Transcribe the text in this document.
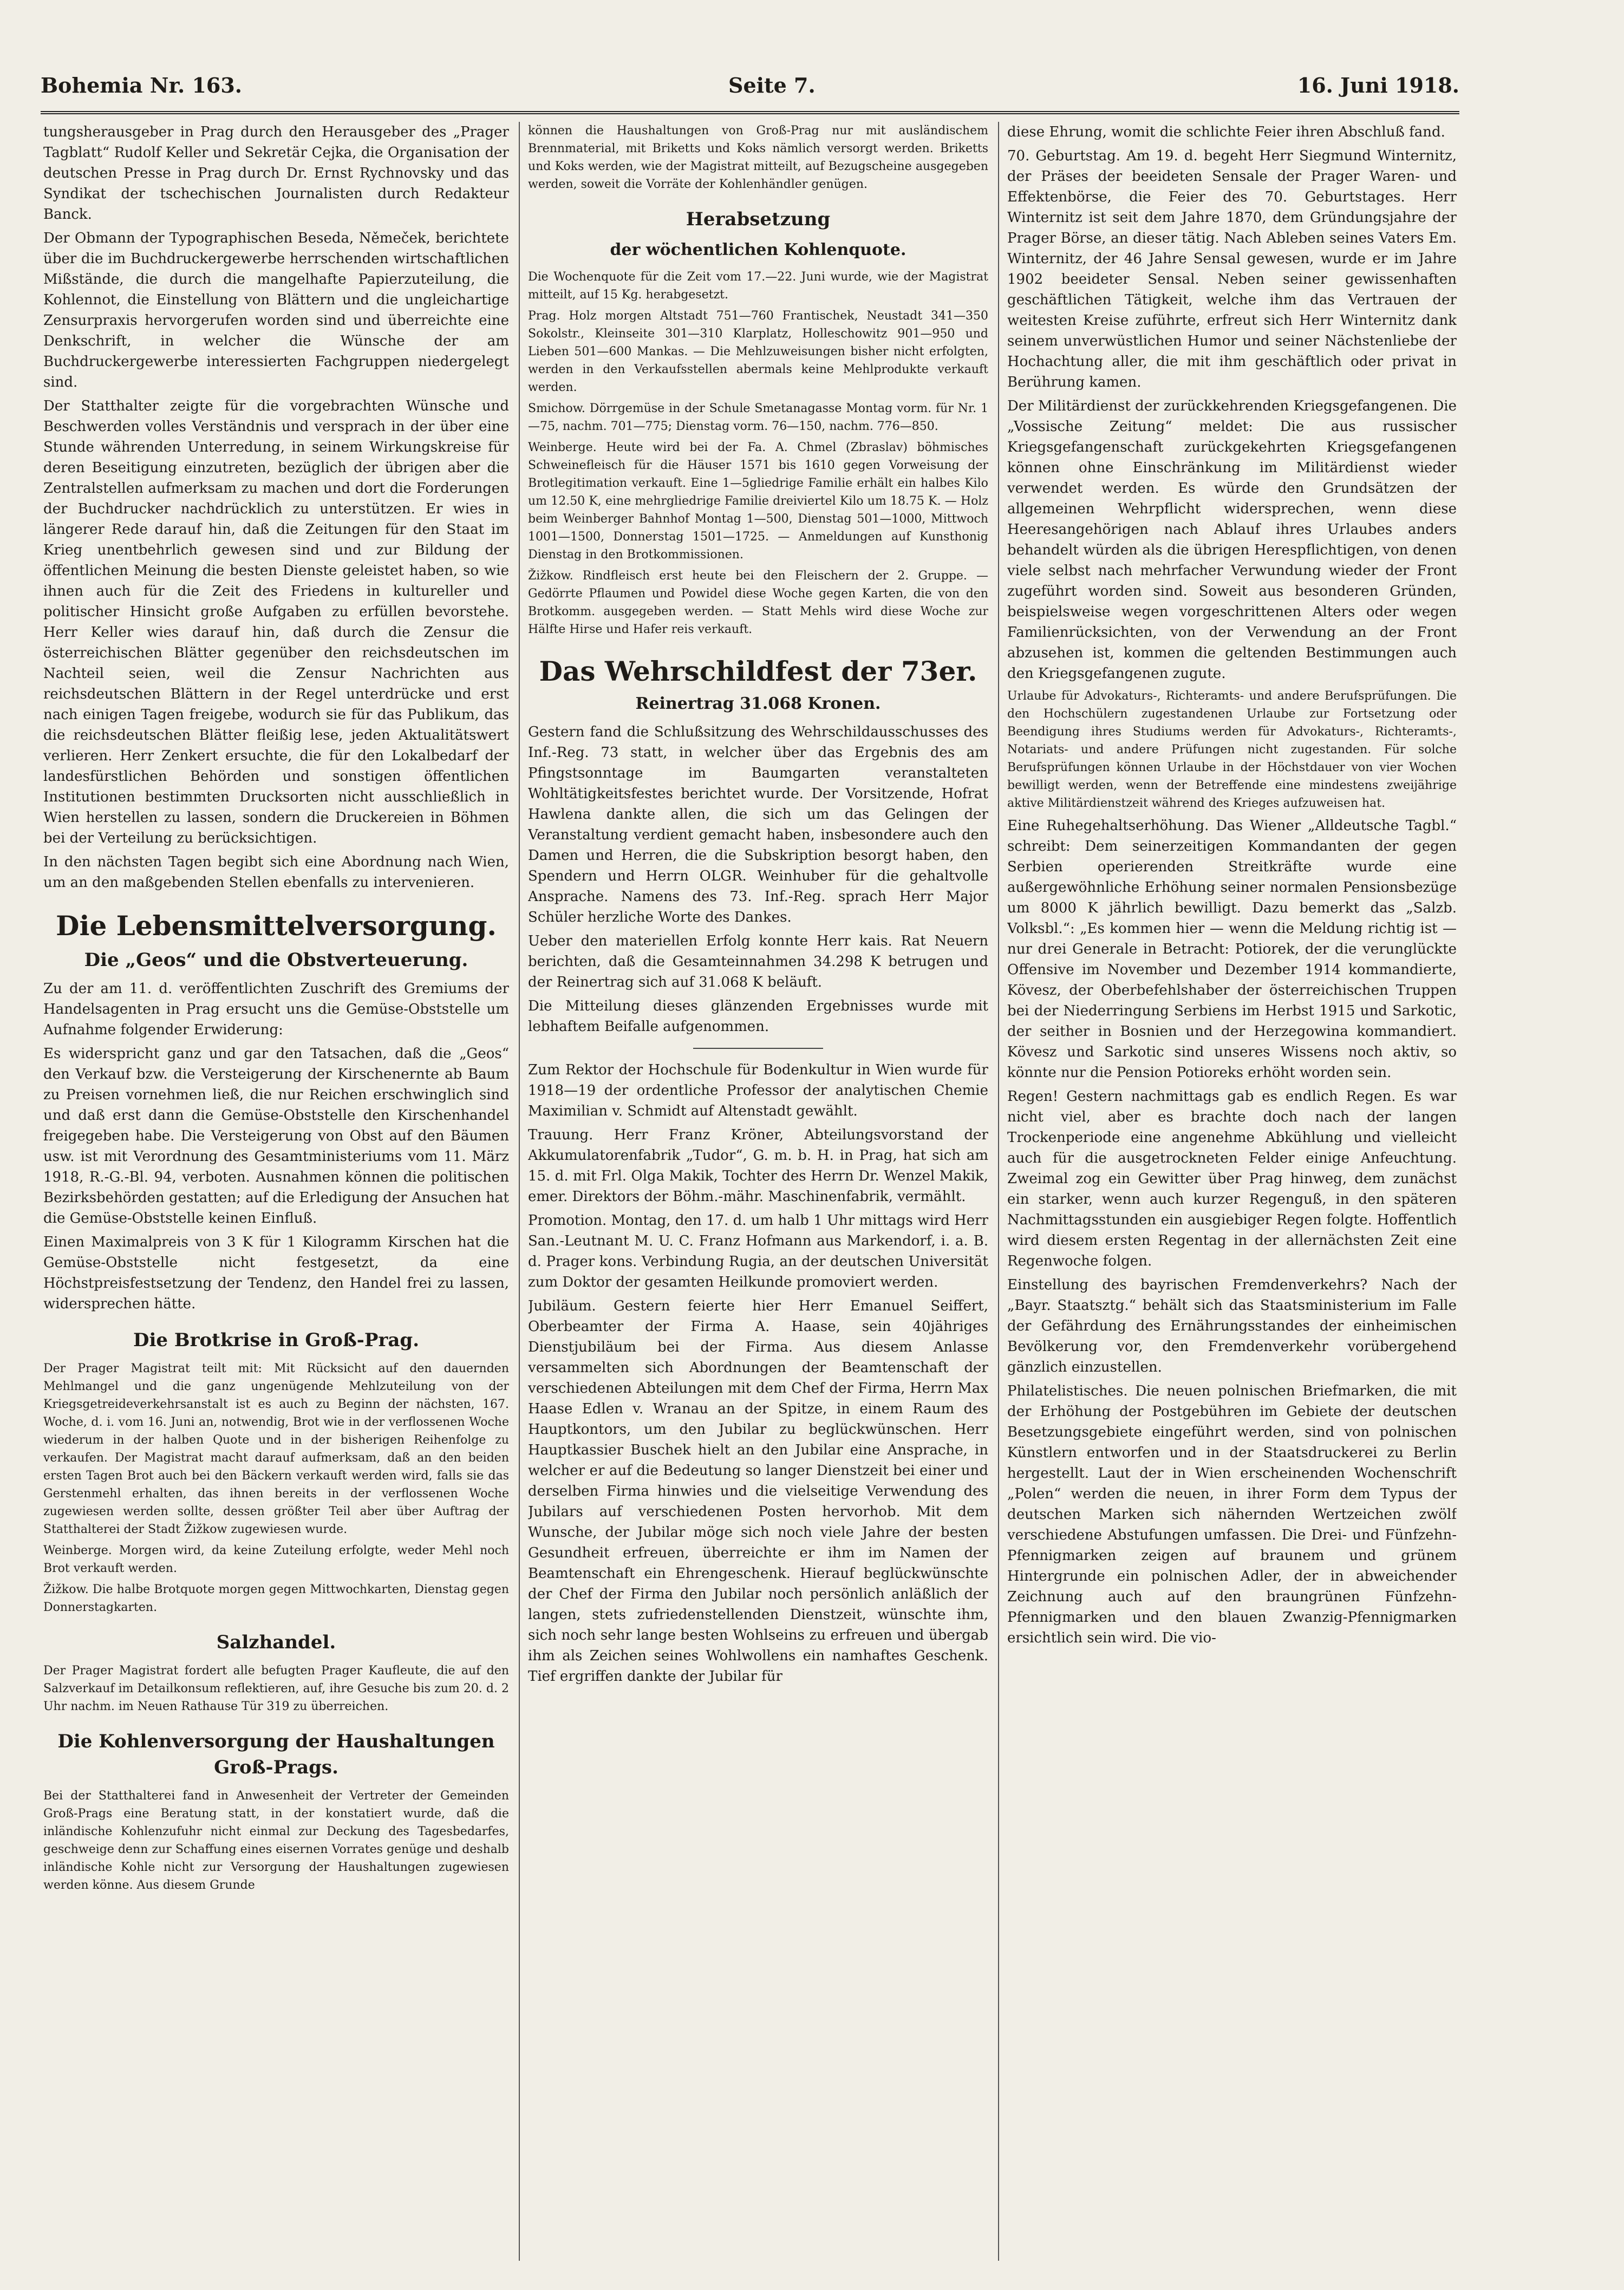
Bohemia Nr. 163.	Seite 7.	16. Juni 1918.

tungsherausgeber in Prag durch den Herausgeber des „Prager Tagblatt“ Rudolf Keller und Sekretär Cejka, die Organisation der deutschen Presse in Prag durch Dr. Ernst Rychnovsky und das Syndikat der tschechischen Journalisten durch Redakteur Banck.

Der Obmann der Typographischen Beseda, Němeček, berichtete über die im Buchdruckergewerbe herrschenden wirtschaftlichen Mißstände, die durch die mangelhafte Papierzuteilung, die Kohlennot, die Einstellung von Blättern und die ungleichartige Zensurpraxis hervorgerufen worden sind und überreichte eine Denkschrift, in welcher die Wünsche der am Buchdruckergewerbe interessierten Fachgruppen niedergelegt sind.

Der Statthalter zeigte für die vorgebrachten Wünsche und Beschwerden volles Verständnis und versprach in der über eine Stunde währenden Unterredung, in seinem Wirkungskreise für deren Beseitigung einzutreten, bezüglich der übrigen aber die Zentralstellen aufmerksam zu machen und dort die Forderungen der Buchdrucker nachdrücklich zu unterstützen. Er wies in längerer Rede darauf hin, daß die Zeitungen für den Staat im Krieg unentbehrlich gewesen sind und zur Bildung der öffentlichen Meinung die besten Dienste geleistet haben, so wie ihnen auch für die Zeit des Friedens in kultureller und politischer Hinsicht große Aufgaben zu erfüllen bevorstehe. Herr Keller wies darauf hin, daß durch die Zensur die österreichischen Blätter gegenüber den reichsdeutschen im Nachteil seien, weil die Zensur Nachrichten aus reichsdeutschen Blättern in der Regel unterdrücke und erst nach einigen Tagen freigebe, wodurch sie für das Publikum, das die reichsdeutschen Blätter fleißig lese, jeden Aktualitätswert verlieren. Herr Zenkert ersuchte, die für den Lokalbedarf der landesfürstlichen Behörden und sonstigen öffentlichen Institutionen bestimmten Drucksorten nicht ausschließlich in Wien herstellen zu lassen, sondern die Druckereien in Böhmen bei der Verteilung zu berücksichtigen.

In den nächsten Tagen begibt sich eine Abordnung nach Wien, um an den maßgebenden Stellen ebenfalls zu intervenieren.

Die Lebensmittelversorgung.
Die „Geos“ und die Obstverteuerung.

Zu der am 11. d. veröffentlichten Zuschrift des Gremiums der Handelsagenten in Prag ersucht uns die Gemüse-Obststelle um Aufnahme folgender Erwiderung:

Es widerspricht ganz und gar den Tatsachen, daß die „Geos“ den Verkauf bzw. die Versteigerung der Kirschenernte ab Baum zu Preisen vornehmen ließ, die nur Reichen erschwinglich sind und daß erst dann die Gemüse-Obststelle den Kirschenhandel freigegeben habe. Die Versteigerung von Obst auf den Bäumen usw. ist mit Verordnung des Gesamtministeriums vom 11. März 1918, R.-G.-Bl. 94, verboten. Ausnahmen können die politischen Bezirksbehörden gestatten; auf die Erledigung der Ansuchen hat die Gemüse-Obststelle keinen Einfluß.

Einen Maximalpreis von 3 K für 1 Kilogramm Kirschen hat die Gemüse-Obststelle nicht festgesetzt, da eine Höchstpreisfestsetzung der Tendenz, den Handel frei zu lassen, widersprechen hätte.

Die Brotkrise in Groß-Prag.

Der Prager Magistrat teilt mit: Mit Rücksicht auf den dauernden Mehlmangel und die ganz ungenügende Mehlzuteilung von der Kriegsgetreideverkehrsanstalt ist es auch zu Beginn der nächsten, 167. Woche, d. i. vom 16. Juni an, notwendig, Brot wie in der verflossenen Woche wiederum in der halben Quote und in der bisherigen Reihenfolge zu verkaufen. Der Magistrat macht darauf aufmerksam, daß an den beiden ersten Tagen Brot auch bei den Bäckern verkauft werden wird, falls sie das Gerstenmehl erhalten, das ihnen bereits in der verflossenen Woche zugewiesen werden sollte, dessen größter Teil aber über Auftrag der Statthalterei der Stadt Žižkow zugewiesen wurde.

Weinberge. Morgen wird, da keine Zuteilung erfolgte, weder Mehl noch Brot verkauft werden.

Žižkow. Die halbe Brotquote morgen gegen Mittwochkarten, Dienstag gegen Donnerstagkarten.

Salzhandel.

Der Prager Magistrat fordert alle befugten Prager Kaufleute, die auf den Salzverkauf im Detailkonsum reflektieren, auf, ihre Gesuche bis zum 20. d. 2 Uhr nachm. im Neuen Rathause Tür 319 zu überreichen.

Die Kohlenversorgung der Haushaltungen Groß-Prags.

Bei der Statthalterei fand in Anwesenheit der Vertreter der Gemeinden Groß-Prags eine Beratung statt, in der konstatiert wurde, daß die inländische Kohlenzufuhr nicht einmal zur Deckung des Tagesbedarfes, geschweige denn zur Schaffung eines eisernen Vorrates genüge und deshalb inländische Kohle nicht zur Versorgung der Haushaltungen zugewiesen werden könne. Aus diesem Grunde

können die Haushaltungen von Groß-Prag nur mit ausländischem Brennmaterial, mit Briketts und Koks nämlich versorgt werden. Briketts und Koks werden, wie der Magistrat mitteilt, auf Bezugscheine ausgegeben werden, soweit die Vorräte der Kohlenhändler genügen.

Herabsetzung
der wöchentlichen Kohlenquote.

Die Wochenquote für die Zeit vom 17.—22. Juni wurde, wie der Magistrat mitteilt, auf 15 Kg. herabgesetzt.

Prag. Holz morgen Altstadt 751—760 Frantischek, Neustadt 341—350 Sokolstr., Kleinseite 301—310 Klarplatz, Holleschowitz 901—950 und Lieben 501—600 Mankas. — Die Mehlzuweisungen bisher nicht erfolgten, werden in den Verkaufsstellen abermals keine Mehlprodukte verkauft werden.

Smichow. Dörrgemüse in der Schule Smetanagasse Montag vorm. für Nr. 1—75, nachm. 701—775; Dienstag vorm. 76—150, nachm. 776—850.

Weinberge. Heute wird bei der Fa. A. Chmel (Zbraslav) böhmisches Schweinefleisch für die Häuser 1571 bis 1610 gegen Vorweisung der Brotlegitimation verkauft. Eine 1—5gliedrige Familie erhält ein halbes Kilo um 12.50 K, eine mehrgliedrige Familie dreiviertel Kilo um 18.75 K. — Holz beim Weinberger Bahnhof Montag 1—500, Dienstag 501—1000, Mittwoch 1001—1500, Donnerstag 1501—1725. — Anmeldungen auf Kunsthonig Dienstag in den Brotkommissionen.

Žižkow. Rindfleisch erst heute bei den Fleischern der 2. Gruppe. — Gedörrte Pflaumen und Powidel diese Woche gegen Karten, die von den Brotkomm. ausgegeben werden. — Statt Mehls wird diese Woche zur Hälfte Hirse und Hafer reis verkauft.

Das Wehrschildfest der 73er.
Reinertrag 31.068 Kronen.

Gestern fand die Schlußsitzung des Wehrschildausschusses des Inf.-Reg. 73 statt, in welcher über das Ergebnis des am Pfingstsonntage im Baumgarten veranstalteten Wohltätigkeitsfestes berichtet wurde. Der Vorsitzende, Hofrat Hawlena dankte allen, die sich um das Gelingen der Veranstaltung verdient gemacht haben, insbesondere auch den Damen und Herren, die die Subskription besorgt haben, den Spendern und Herrn OLGR. Weinhuber für die gehaltvolle Ansprache. Namens des 73. Inf.-Reg. sprach Herr Major Schüler herzliche Worte des Dankes.

Ueber den materiellen Erfolg konnte Herr kais. Rat Neuern berichten, daß die Gesamteinnahmen 34.298 K betrugen und der Reinertrag sich auf 31.068 K beläuft.

Die Mitteilung dieses glänzenden Ergebnisses wurde mit lebhaftem Beifalle aufgenommen.

Zum Rektor der Hochschule für Bodenkultur in Wien wurde für 1918—19 der ordentliche Professor der analytischen Chemie Maximilian v. Schmidt auf Altenstadt gewählt.

Trauung. Herr Franz Kröner, Abteilungsvorstand der Akkumulatorenfabrik „Tudor“, G. m. b. H. in Prag, hat sich am 15. d. mit Frl. Olga Makik, Tochter des Herrn Dr. Wenzel Makik, emer. Direktors der Böhm.-mähr. Maschinenfabrik, vermählt.

Promotion. Montag, den 17. d. um halb 1 Uhr mittags wird Herr San.-Leutnant M. U. C. Franz Hofmann aus Markendorf, i. a. B. d. Prager kons. Verbindung Rugia, an der deutschen Universität zum Doktor der gesamten Heilkunde promoviert werden.

Jubiläum. Gestern feierte hier Herr Emanuel Seiffert, Oberbeamter der Firma A. Haase, sein 40jähriges Dienstjubiläum bei der Firma. Aus diesem Anlasse versammelten sich Abordnungen der Beamtenschaft der verschiedenen Abteilungen mit dem Chef der Firma, Herrn Max Haase Edlen v. Wranau an der Spitze, in einem Raum des Hauptkontors, um den Jubilar zu beglückwünschen. Herr Hauptkassier Buschek hielt an den Jubilar eine Ansprache, in welcher er auf die Bedeutung so langer Dienstzeit bei einer und derselben Firma hinwies und die vielseitige Verwendung des Jubilars auf verschiedenen Posten hervorhob. Mit dem Wunsche, der Jubilar möge sich noch viele Jahre der besten Gesundheit erfreuen, überreichte er ihm im Namen der Beamtenschaft ein Ehrengeschenk. Hierauf beglückwünschte der Chef der Firma den Jubilar noch persönlich anläßlich der langen, stets zufriedenstellenden Dienstzeit, wünschte ihm, sich noch sehr lange besten Wohlseins zu erfreuen und übergab ihm als Zeichen seines Wohlwollens ein namhaftes Geschenk. Tief ergriffen dankte der Jubilar für

diese Ehrung, womit die schlichte Feier ihren Abschluß fand.

70. Geburtstag. Am 19. d. begeht Herr Siegmund Winternitz, der Präses der beeideten Sensale der Prager Waren- und Effektenbörse, die Feier des 70. Geburtstages. Herr Winternitz ist seit dem Jahre 1870, dem Gründungsjahre der Prager Börse, an dieser tätig. Nach Ableben seines Vaters Em. Winternitz, der 46 Jahre Sensal gewesen, wurde er im Jahre 1902 beeideter Sensal. Neben seiner gewissenhaften geschäftlichen Tätigkeit, welche ihm das Vertrauen der weitesten Kreise zuführte, erfreut sich Herr Winternitz dank seinem unverwüstlichen Humor und seiner Nächstenliebe der Hochachtung aller, die mit ihm geschäftlich oder privat in Berührung kamen.

Der Militärdienst der zurückkehrenden Kriegsgefangenen. Die „Vossische Zeitung“ meldet: Die aus russischer Kriegsgefangenschaft zurückgekehrten Kriegsgefangenen können ohne Einschränkung im Militärdienst wieder verwendet werden. Es würde den Grundsätzen der allgemeinen Wehrpflicht widersprechen, wenn diese Heeresangehörigen nach Ablauf ihres Urlaubes anders behandelt würden als die übrigen Herespflichtigen, von denen viele selbst nach mehrfacher Verwundung wieder der Front zugeführt worden sind. Soweit aus besonderen Gründen, beispielsweise wegen vorgeschrittenen Alters oder wegen Familienrücksichten, von der Verwendung an der Front abzusehen ist, kommen die geltenden Bestimmungen auch den Kriegsgefangenen zugute.

Urlaube für Advokaturs-, Richteramts- und andere Berufsprüfungen. Die den Hochschülern zugestandenen Urlaube zur Fortsetzung oder Beendigung ihres Studiums werden für Advokaturs-, Richteramts-, Notariats- und andere Prüfungen nicht zugestanden. Für solche Berufsprüfungen können Urlaube in der Höchstdauer von vier Wochen bewilligt werden, wenn der Betreffende eine mindestens zweijährige aktive Militärdienstzeit während des Krieges aufzuweisen hat.

Eine Ruhegehaltserhöhung. Das Wiener „Alldeutsche Tagbl.“ schreibt: Dem seinerzeitigen Kommandanten der gegen Serbien operierenden Streitkräfte wurde eine außergewöhnliche Erhöhung seiner normalen Pensionsbezüge um 8000 K jährlich bewilligt. Dazu bemerkt das „Salzb. Volksbl.“: „Es kommen hier — wenn die Meldung richtig ist — nur drei Generale in Betracht: Potiorek, der die verunglückte Offensive im November und Dezember 1914 kommandierte, Kövesz, der Oberbefehlshaber der österreichischen Truppen bei der Niederringung Serbiens im Herbst 1915 und Sarkotic, der seither in Bosnien und der Herzegowina kommandiert. Kövesz und Sarkotic sind unseres Wissens noch aktiv, so könnte nur die Pension Potioreks erhöht worden sein.

Regen! Gestern nachmittags gab es endlich Regen. Es war nicht viel, aber es brachte doch nach der langen Trockenperiode eine angenehme Abkühlung und vielleicht auch für die ausgetrockneten Felder einige Anfeuchtung. Zweimal zog ein Gewitter über Prag hinweg, dem zunächst ein starker, wenn auch kurzer Regenguß, in den späteren Nachmittagsstunden ein ausgiebiger Regen folgte. Hoffentlich wird diesem ersten Regentag in der allernächsten Zeit eine Regenwoche folgen.

Einstellung des bayrischen Fremdenverkehrs? Nach der „Bayr. Staatsztg.“ behält sich das Staatsministerium im Falle der Gefährdung des Ernährungsstandes der einheimischen Bevölkerung vor, den Fremdenverkehr vorübergehend gänzlich einzustellen.

Philatelistisches. Die neuen polnischen Briefmarken, die mit der Erhöhung der Postgebühren im Gebiete der deutschen Besetzungsgebiete eingeführt werden, sind von polnischen Künstlern entworfen und in der Staatsdruckerei zu Berlin hergestellt. Laut der in Wien erscheinenden Wochenschrift „Polen“ werden die neuen, in ihrer Form dem Typus der deutschen Marken sich nähernden Wertzeichen zwölf verschiedene Abstufungen umfassen. Die Drei- und Fünfzehn-Pfennigmarken zeigen auf braunem und grünem Hintergrunde ein polnischen Adler, der in abweichender Zeichnung auch auf den braungrünen Fünfzehn-Pfennigmarken und den blauen Zwanzig-Pfennigmarken ersichtlich sein wird. Die vio-
